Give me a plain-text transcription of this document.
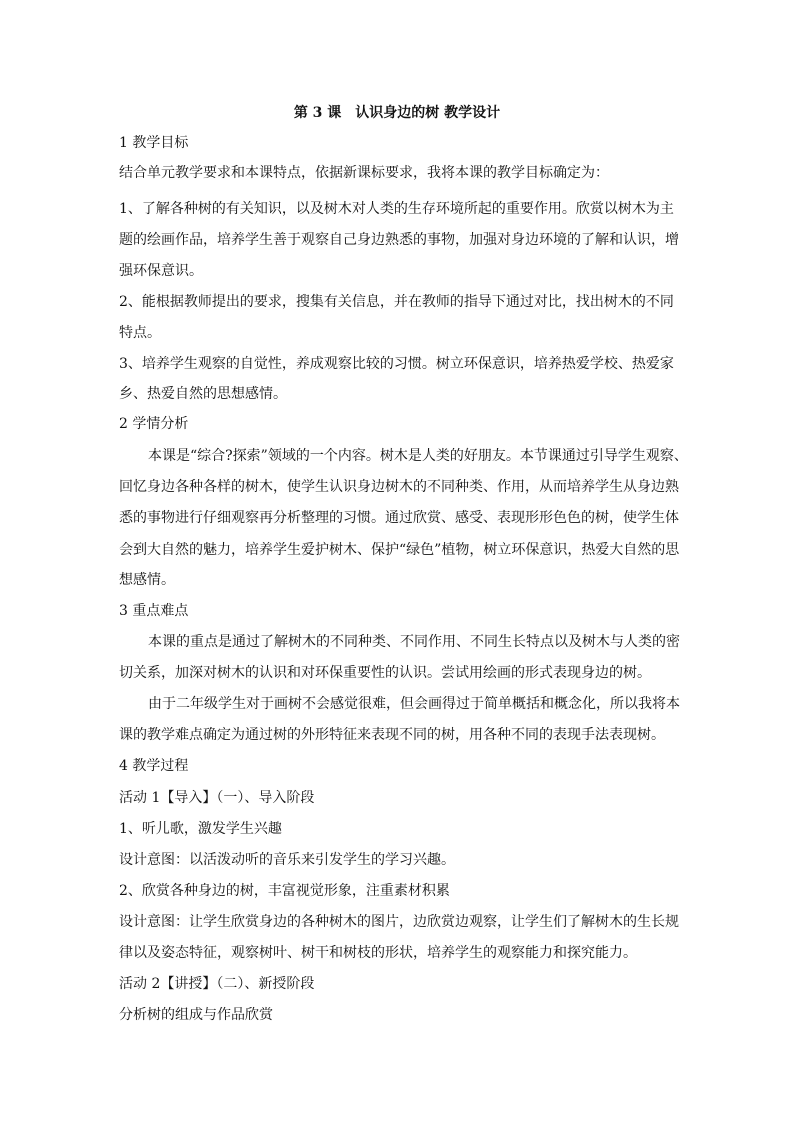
第 3 课　认识身边的树 教学设计
1 教学目标
结合单元教学要求和本课特点，依据新课标要求，我将本课的教学目标确定为：
1、了解各种树的有关知识，以及树木对人类的生存环境所起的重要作用。欣赏以树木为主
题的绘画作品，培养学生善于观察自己身边熟悉的事物，加强对身边环境的了解和认识，增
强环保意识。
2、能根据教师提出的要求，搜集有关信息，并在教师的指导下通过对比，找出树木的不同
特点。
3、培养学生观察的自觉性，养成观察比较的习惯。树立环保意识，培养热爱学校、热爱家
乡、热爱自然的思想感情。
2 学情分析
本课是“综合?探索”领域的一个内容。树木是人类的好朋友。本节课通过引导学生观察、
回忆身边各种各样的树木，使学生认识身边树木的不同种类、作用，从而培养学生从身边熟
悉的事物进行仔细观察再分析整理的习惯。通过欣赏、感受、表现形形色色的树，使学生体
会到大自然的魅力，培养学生爱护树木、保护“绿色”植物，树立环保意识，热爱大自然的思
想感情。
3 重点难点
本课的重点是通过了解树木的不同种类、不同作用、不同生长特点以及树木与人类的密
切关系，加深对树木的认识和对环保重要性的认识。尝试用绘画的形式表现身边的树。
由于二年级学生对于画树不会感觉很难，但会画得过于简单概括和概念化，所以我将本
课的教学难点确定为通过树的外形特征来表现不同的树，用各种不同的表现手法表现树。
4 教学过程
活动 1【导入】（一）、导入阶段
1、听儿歌，激发学生兴趣
设计意图：以活泼动听的音乐来引发学生的学习兴趣。
2、欣赏各种身边的树，丰富视觉形象，注重素材积累
设计意图：让学生欣赏身边的各种树木的图片，边欣赏边观察，让学生们了解树木的生长规
律以及姿态特征，观察树叶、树干和树枝的形状，培养学生的观察能力和探究能力。
活动 2【讲授】（二）、新授阶段
分析树的组成与作品欣赏
